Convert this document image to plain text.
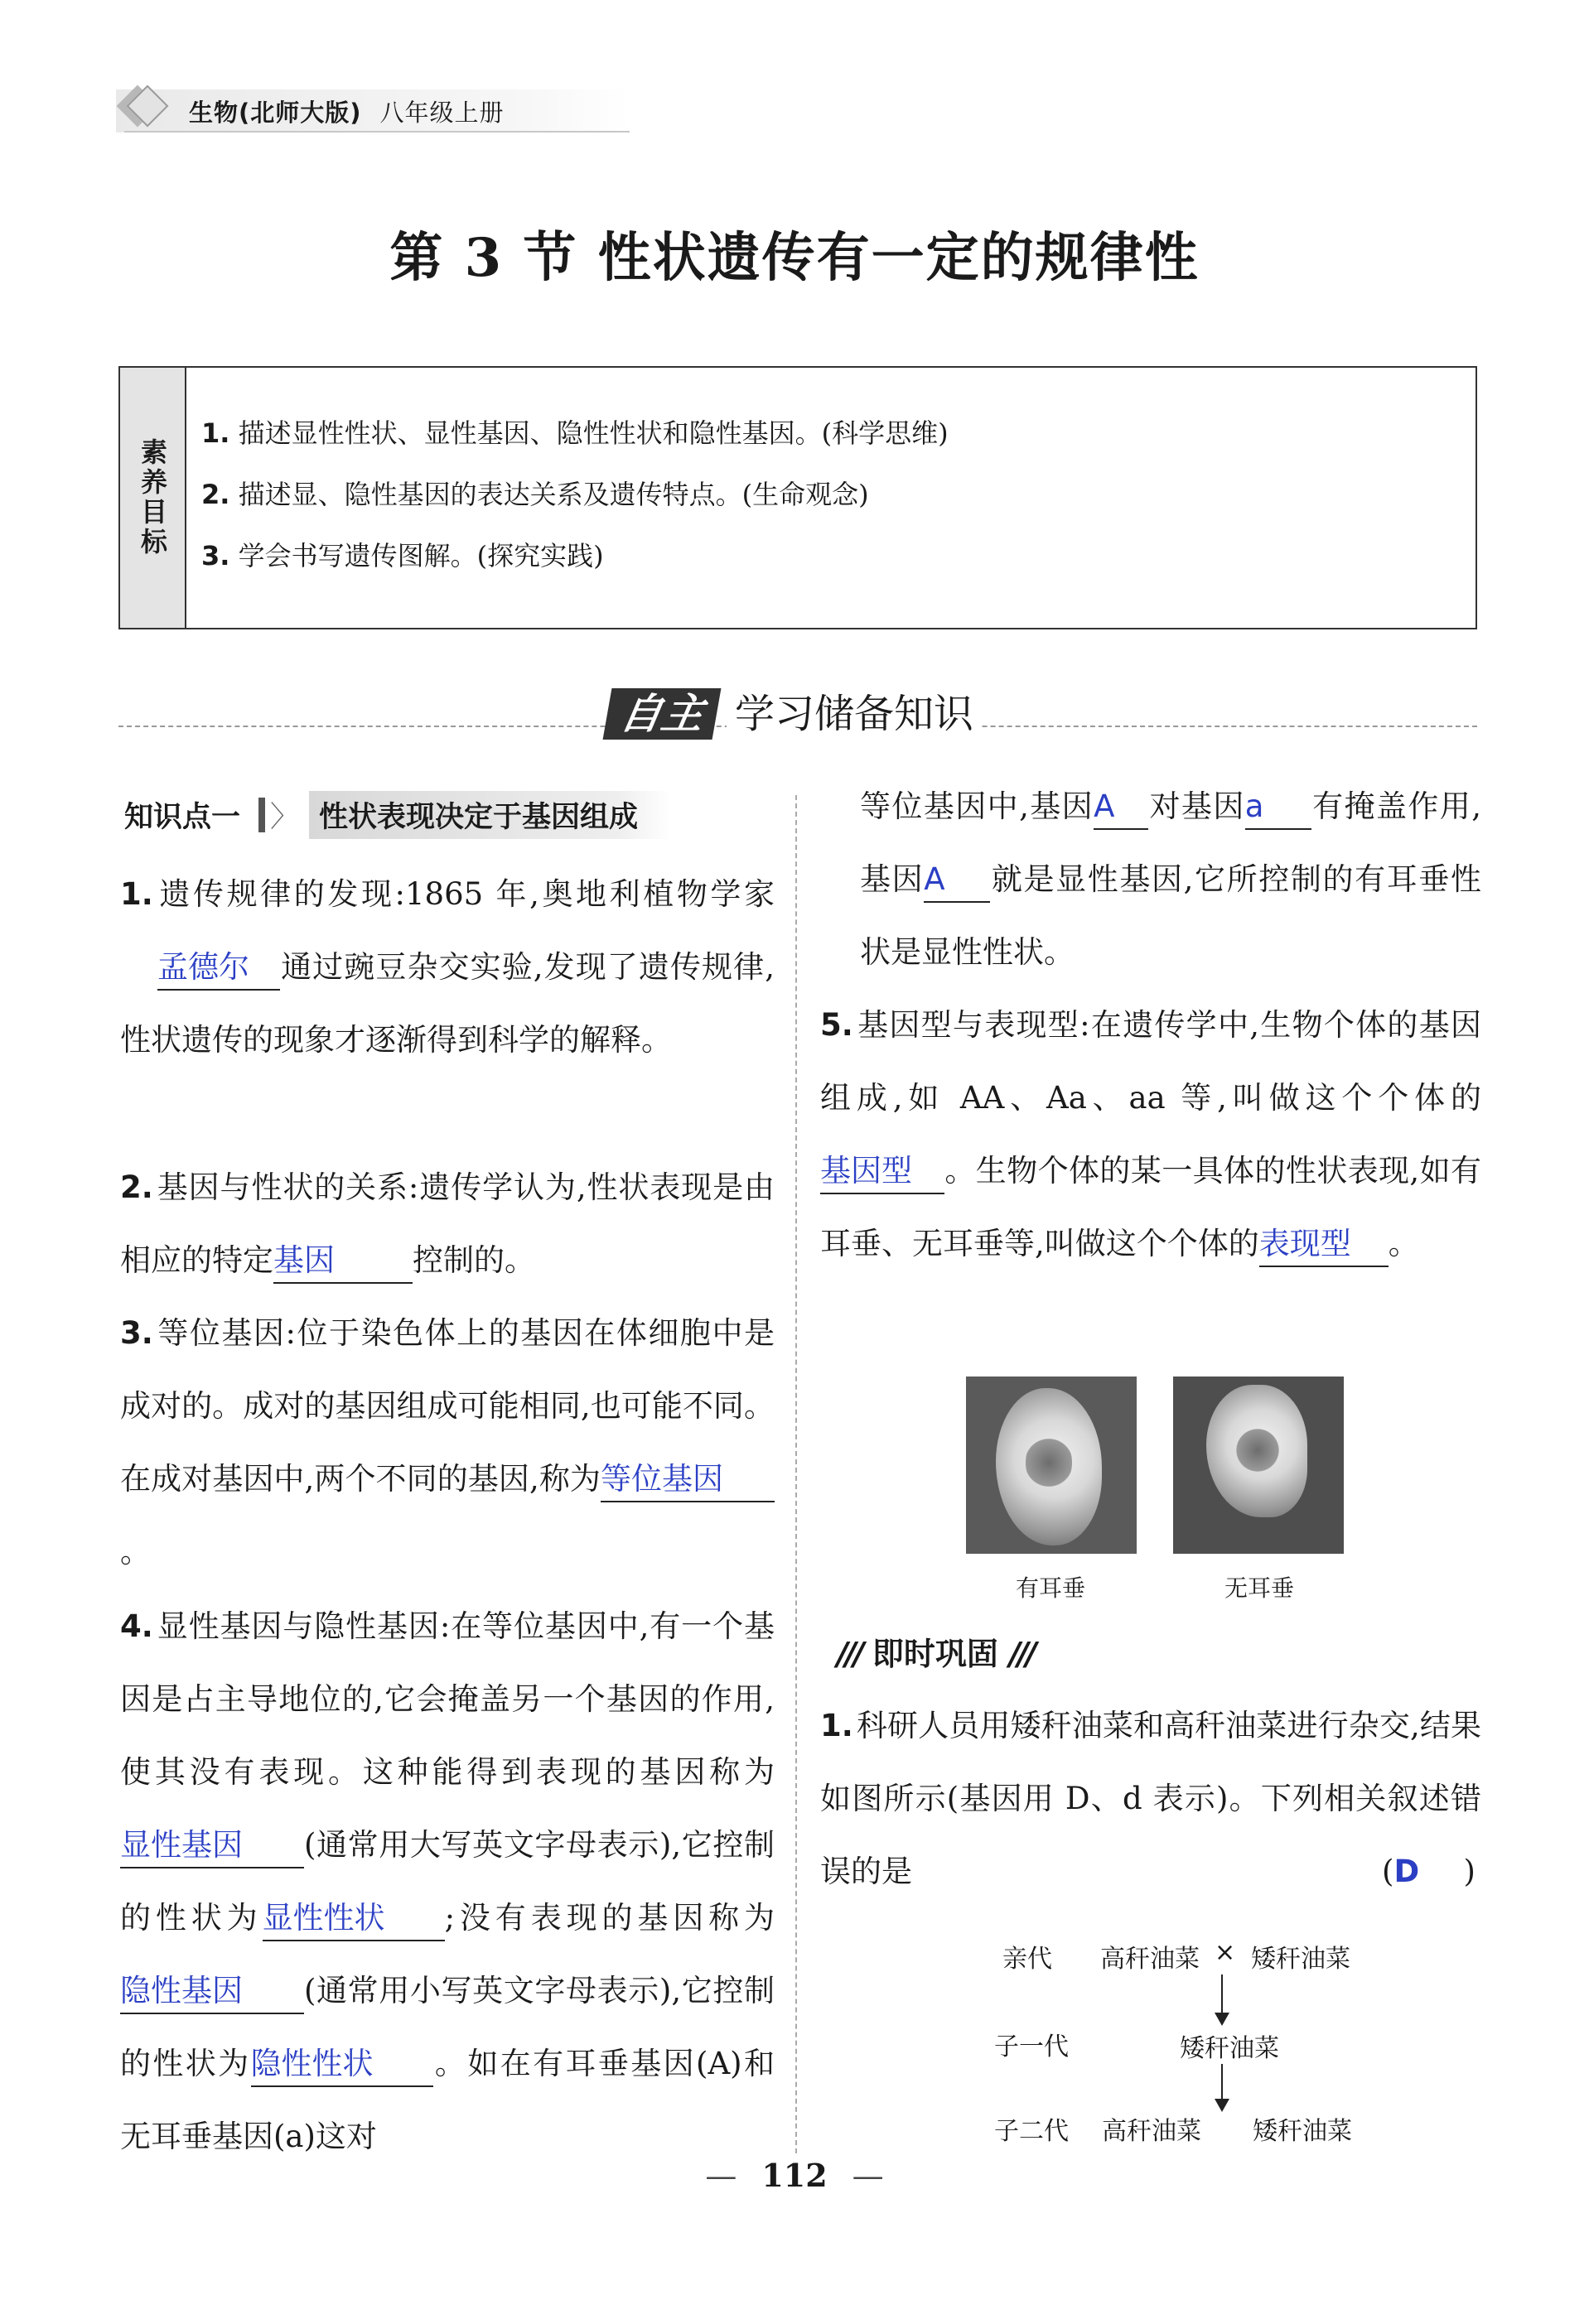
生物(北师大版) 八年级上册
第 3 节 性状遗传有一定的规律性
素养目标
1. 描述显性性状、显性基因、隐性性状和隐性基因。(科学思维)
2. 描述显、隐性基因的表达关系及遗传特点。(生命观念)
3. 学会书写遗传图解。(探究实践)
自主 学习储备知识
知识点一 〉 性状表现决定于基因组成
1. 遗传规律的发现:1865 年,奥地利植物学家孟德尔 通过豌豆杂交实验,发现了遗传规律,性状遗传的现象才逐渐得到科学的解释。
2. 基因与性状的关系:遗传学认为,性状表现是由相应的特定基因	控制的。
3. 等位基因:位于染色体上的基因在体细胞中是成对的。成对的基因组成可能相同,也可能不同。在成对基因中,两个不同的基因,称为等位基因。
4. 显性基因与隐性基因:在等位基因中,有一个基因是占主导地位的,它会掩盖另一个基因的作用,使其没有表现。这种能得到表现的基因称为显性基因 (通常用大写英文字母表示),它控制的性状为显性性状 ;没有表现的基因称为隐性基因 (通常用小写英文字母表示),它控制的性状为隐性性状 。如在有耳垂基因(A)和无耳垂基因(a)这对
等位基因中,基因A 对基因a 有掩盖作用,基因A 就是显性基因,它所控制的有耳垂性状是显性性状。
5. 基因型与表现型:在遗传学中,生物个体的基因组成,如 AA、Aa、aa 等,叫做这个个体的基因型 。生物个体的某一具体的性状表现,如有耳垂、无耳垂等,叫做这个个体的表现型 。
有耳垂	无耳垂
/// 即时巩固 ///
1. 科研人员用矮秆油菜和高秆油菜进行杂交,结果如图所示(基因用 D、d 表示)。下列相关叙述错误的是	(D )
亲代 高秆油菜 × 矮秆油菜
子一代	矮秆油菜
子二代 高秆油菜 矮秆油菜
— 112 —
